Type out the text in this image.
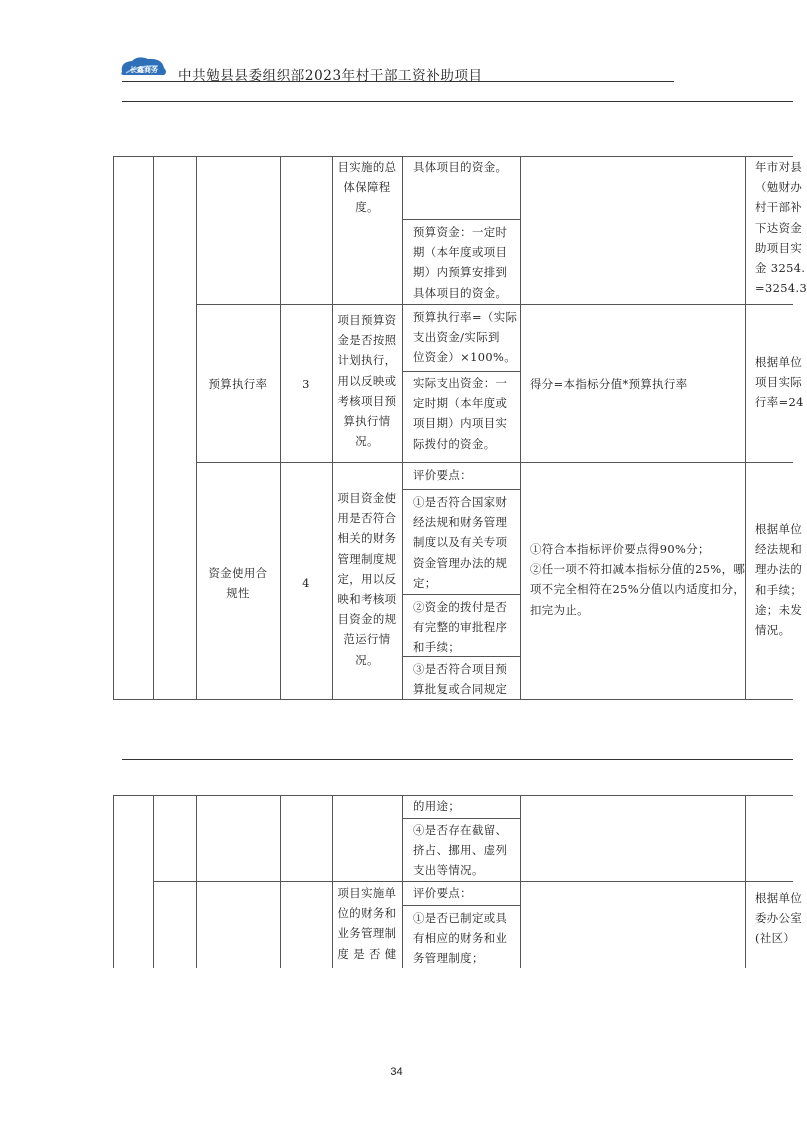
长鑫商务 中共勉县县委组织部2023年村干部工资补助项目
目实施的总
体保障程
度。
具体项目的资金。
预算资金：一定时
期（本年度或项目
期）内预算安排到
具体项目的资金。
年市对县
（勉财办
村干部补
下达资金
助项目实
金 3254.
=3254.3
预算执行率	3
项目预算资
金是否按照
计划执行，
用以反映或
考核项目预
算执行情
况。
预算执行率=（实际
支出资金/实际到
位资金）×100%。
实际支出资金：一
定时期（本年度或
项目期）内项目实
际拨付的资金。
得分=本指标分值*预算执行率
根据单位
项目实际
行率=24
资金使用合
规性
4
项目资金使
用是否符合
相关的财务
管理制度规
定，用以反
映和考核项
目资金的规
范运行情
况。
评价要点：
①是否符合国家财
经法规和财务管理
制度以及有关专项
资金管理办法的规
定；
②资金的拨付是否
有完整的审批程序
和手续；
③是否符合项目预
算批复或合同规定
①符合本指标评价要点得90%分；
②任一项不符扣减本指标分值的25%，哪
项不完全相符在25%分值以内适度扣分，
扣完为止。
根据单位
经法规和
理办法的
和手续；
途；未发
情况。
的用途；
④是否存在截留、
挤占、挪用、虚列
支出等情况。
项目实施单
位的财务和
业务管理制
度 是 否 健
评价要点：
①是否已制定或具
有相应的财务和业
务管理制度；
根据单位
委办公室
(社区）
34
